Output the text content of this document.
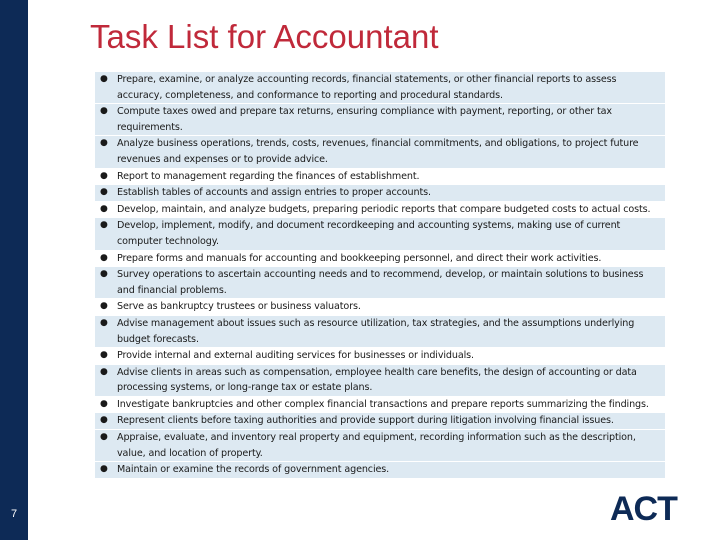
7
Task List for Accountant
● Prepare, examine, or analyze accounting records, financial statements, or other financial reports to assess accuracy, completeness, and conformance to reporting and procedural standards.
● Compute taxes owed and prepare tax returns, ensuring compliance with payment, reporting, or other tax requirements.
● Analyze business operations, trends, costs, revenues, financial commitments, and obligations, to project future revenues and expenses or to provide advice.
● Report to management regarding the finances of establishment.
● Establish tables of accounts and assign entries to proper accounts.
● Develop, maintain, and analyze budgets, preparing periodic reports that compare budgeted costs to actual costs.
● Develop, implement, modify, and document recordkeeping and accounting systems, making use of current computer technology.
● Prepare forms and manuals for accounting and bookkeeping personnel, and direct their work activities.
● Survey operations to ascertain accounting needs and to recommend, develop, or maintain solutions to business and financial problems.
● Serve as bankruptcy trustees or business valuators.
● Advise management about issues such as resource utilization, tax strategies, and the assumptions underlying budget forecasts.
● Provide internal and external auditing services for businesses or individuals.
● Advise clients in areas such as compensation, employee health care benefits, the design of accounting or data processing systems, or long-range tax or estate plans.
● Investigate bankruptcies and other complex financial transactions and prepare reports summarizing the findings.
● Represent clients before taxing authorities and provide support during litigation involving financial issues.
● Appraise, evaluate, and inventory real property and equipment, recording information such as the description, value, and location of property.
● Maintain or examine the records of government agencies.
ACT
